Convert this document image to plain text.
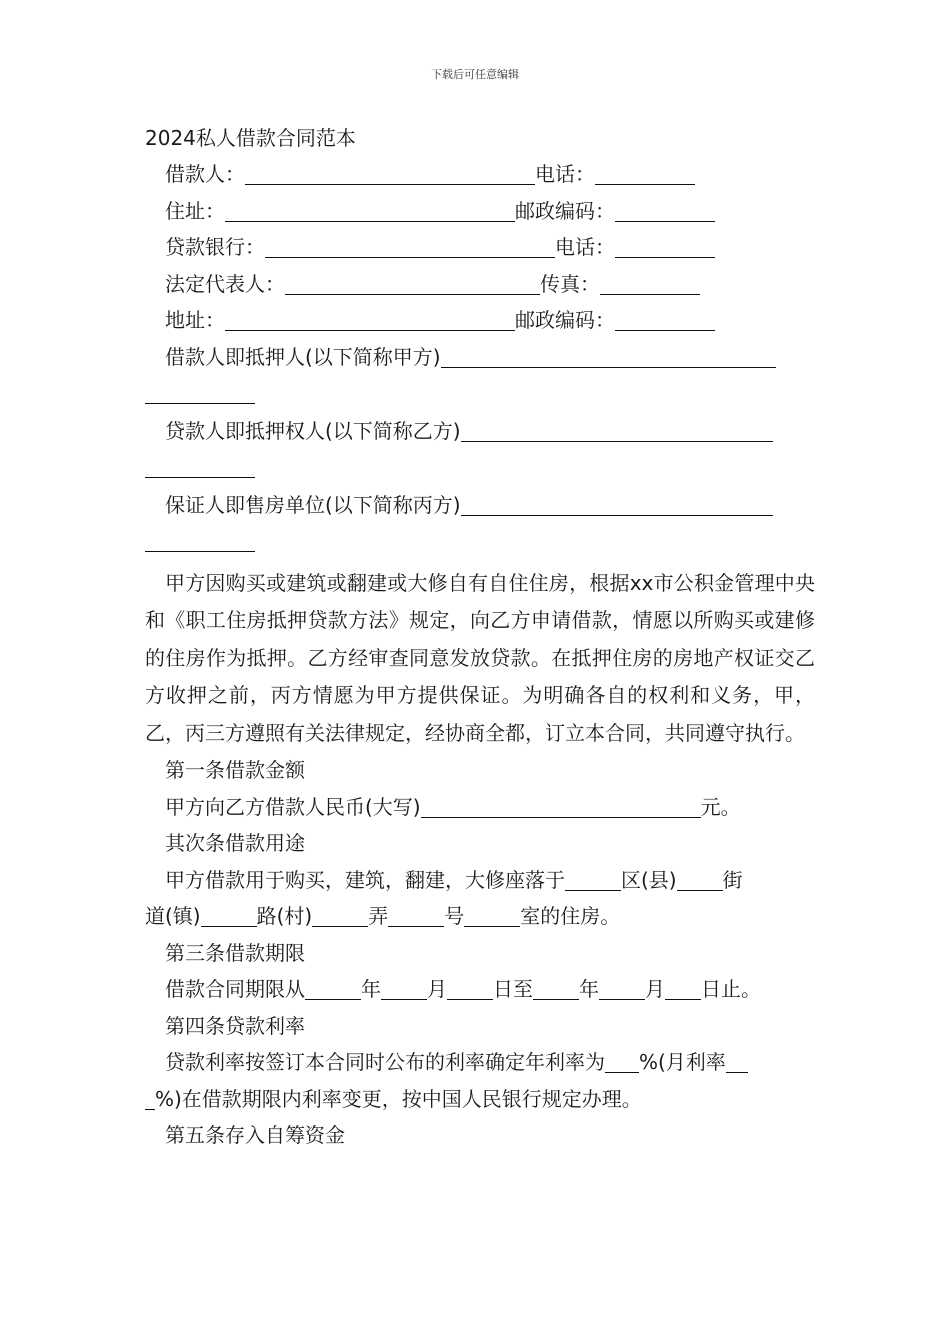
下载后可任意编辑
2024私人借款合同范本
借款人：	电话：
住址：	邮政编码：
贷款银行：	电话：
法定代表人：	传真：
地址：	邮政编码：
借款人即抵押人(以下简称甲方)
贷款人即抵押权人(以下简称乙方)
保证人即售房单位(以下简称丙方)

甲方因购买或建筑或翻建或大修自有自住住房，根据xx市公积金管理中央和《职工住房抵押贷款方法》规定，向乙方申请借款，情愿以所购买或建修的住房作为抵押。乙方经审查同意发放贷款。在抵押住房的房地产权证交乙方收押之前，丙方情愿为甲方提供保证。为明确各自的权利和义务，甲，乙，丙三方遵照有关法律规定，经协商全都，订立本合同，共同遵守执行。

第一条借款金额
甲方向乙方借款人民币(大写)	元。
其次条借款用途
甲方借款用于购买，建筑，翻建，大修座落于	区(县) 街
道(镇)	路(村)	弄	号	室的住房。
第三条借款期限
借款合同期限从	年 月 日至 年 月 日止。
第四条贷款利率
贷款利率按签订本合同时公布的利率确定年利率为 %(月利率
%)在借款期限内利率变更，按中国人民银行规定办理。
第五条存入自筹资金
